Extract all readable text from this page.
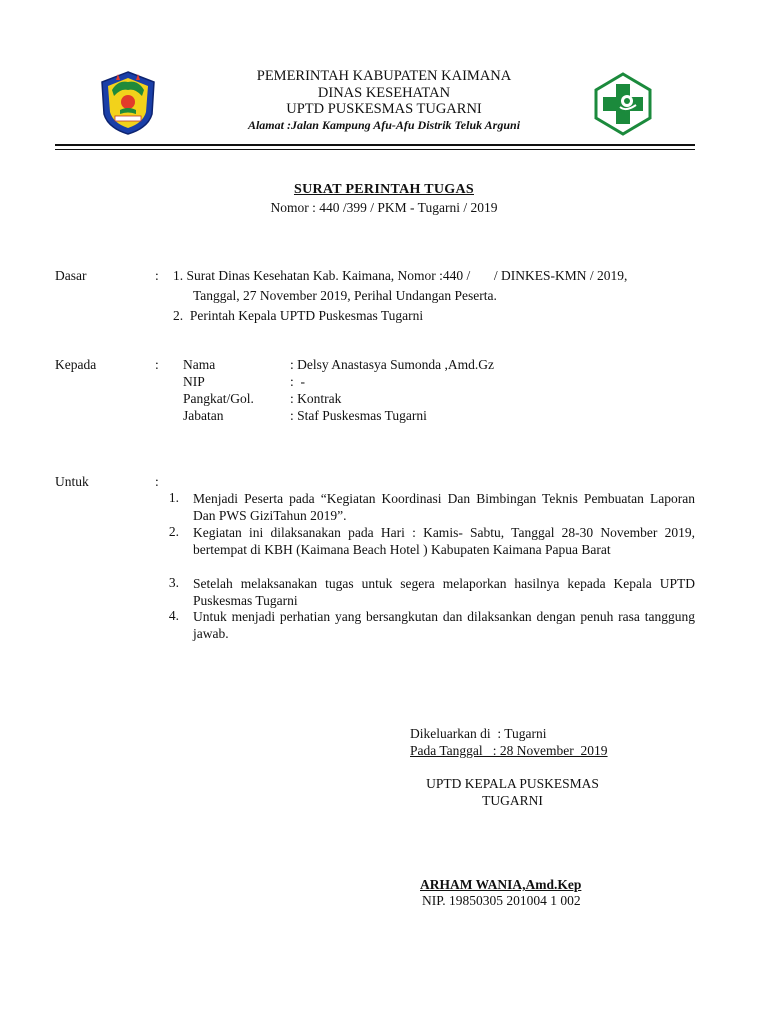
PEMERINTAH KABUPATEN KAIMANA
DINAS KESEHATAN
UPTD PUSKESMAS TUGARNI
Alamat :Jalan Kampung Afu-Afu Distrik Teluk Arguni
SURAT PERINTAH TUGAS
Nomor : 440 /399 / PKM - Tugarni / 2019
Dasar	: 1. Surat Dinas Kesehatan Kab. Kaimana, Nomor :440 /       / DINKES-KMN / 2019,
Tanggal, 27 November 2019, Perihal Undangan Peserta.
2.  Perintah Kepala UPTD Puskesmas Tugarni
Kepada	: Nama	: Delsy Anastasya Sumonda ,Amd.Gz
NIP	:  -
Pangkat/Gol.	: Kontrak
Jabatan	: Staf Puskesmas Tugarni
Untuk	:
1. Menjadi Peserta pada “Kegiatan Koordinasi Dan Bimbingan Teknis Pembuatan Laporan Dan PWS GiziTahun 2019”.
2. Kegiatan ini dilaksanakan pada Hari : Kamis- Sabtu, Tanggal 28-30 November 2019, bertempat di KBH (Kaimana Beach Hotel ) Kabupaten Kaimana Papua Barat
3. Setelah melaksanakan tugas untuk segera melaporkan hasilnya kepada Kepala UPTD Puskesmas Tugarni
4. Untuk menjadi perhatian yang bersangkutan dan dilaksankan dengan penuh rasa tanggung jawab.
Dikeluarkan di  : Tugarni
Pada Tanggal   : 28 November  2019
UPTD KEPALA PUSKESMAS
TUGARNI
ARHAM WANIA,Amd.Kep
NIP. 19850305 201004 1 002
